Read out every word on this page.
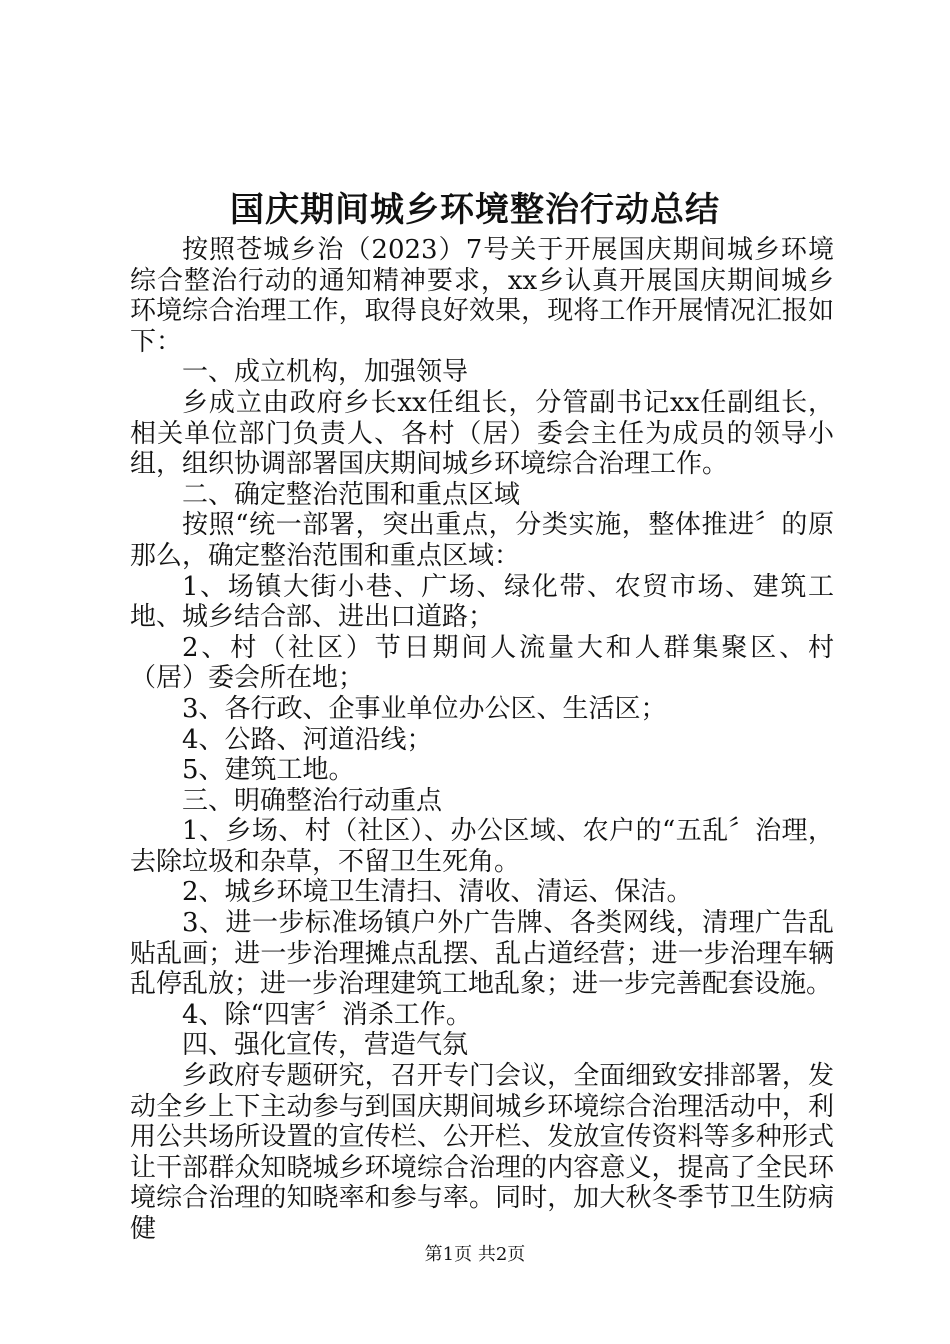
国庆期间城乡环境整治行动总结

按照苍城乡治（2023）7号关于开展国庆期间城乡环境综合整治行动的通知精神要求，xx乡认真开展国庆期间城乡环境综合治理工作，取得良好效果，现将工作开展情况汇报如下：

一、成立机构，加强领导

乡成立由政府乡长xx任组长，分管副书记xx任副组长，相关单位部门负责人、各村（居）委会主任为成员的领导小组，组织协调部署国庆期间城乡环境综合治理工作。

二、确定整治范围和重点区域

按照“统一部署，突出重点，分类实施，整体推进〞的原那么，确定整治范围和重点区域：

1、场镇大街小巷、广场、绿化带、农贸市场、建筑工地、城乡结合部、进出口道路；

2、村（社区）节日期间人流量大和人群集聚区、村（居）委会所在地；

3、各行政、企事业单位办公区、生活区；

4、公路、河道沿线；

5、建筑工地。

三、明确整治行动重点

1、乡场、村（社区）、办公区域、农户的“五乱〞治理，去除垃圾和杂草，不留卫生死角。

2、城乡环境卫生清扫、清收、清运、保洁。

3、进一步标准场镇户外广告牌、各类网线，清理广告乱贴乱画；进一步治理摊点乱摆、乱占道经营；进一步治理车辆乱停乱放；进一步治理建筑工地乱象；进一步完善配套设施。

4、除“四害〞消杀工作。

四、强化宣传，营造气氛

乡政府专题研究，召开专门会议，全面细致安排部署，发动全乡上下主动参与到国庆期间城乡环境综合治理活动中，利用公共场所设置的宣传栏、公开栏、发放宣传资料等多种形式让干部群众知晓城乡环境综合治理的内容意义，提高了全民环境综合治理的知晓率和参与率。同时，加大秋冬季节卫生防病健

第1页 共2页
